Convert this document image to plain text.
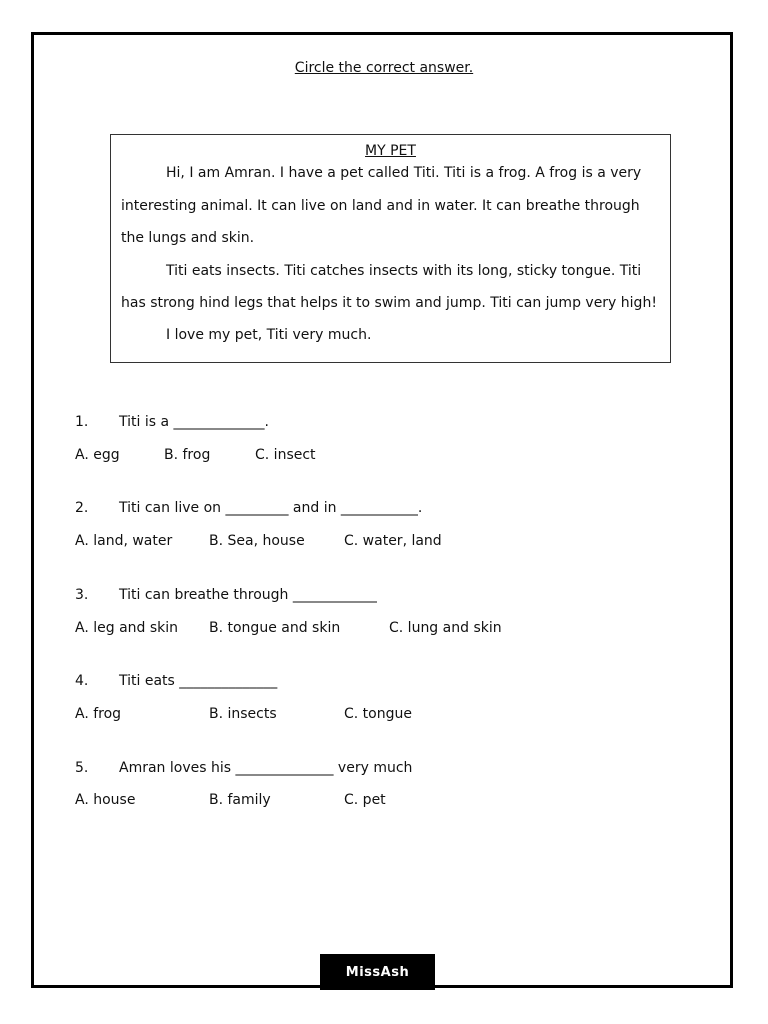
Circle the correct answer.
MY PET
Hi, I am Amran. I have a pet called Titi. Titi is a frog. A frog is a very
interesting animal. It can live on land and in water. It can breathe through
the lungs and skin.
Titi eats insects. Titi catches insects with its long, sticky tongue. Titi
has strong hind legs that helps it to swim and jump. Titi can jump very high!
I love my pet, Titi very much.
1. Titi is a _____________.
A. egg	B. frog	C. insect
2. Titi can live on _________ and in ___________.
A. land, water	B. Sea, house	C. water, land
3. Titi can breathe through ____________
A. leg and skin B. tongue and skin	C. lung and skin
4. Titi eats ______________
A. frog	B. insects	C. tongue
5. Amran loves his ______________ very much
A. house	B. family	C. pet
MissAsh
